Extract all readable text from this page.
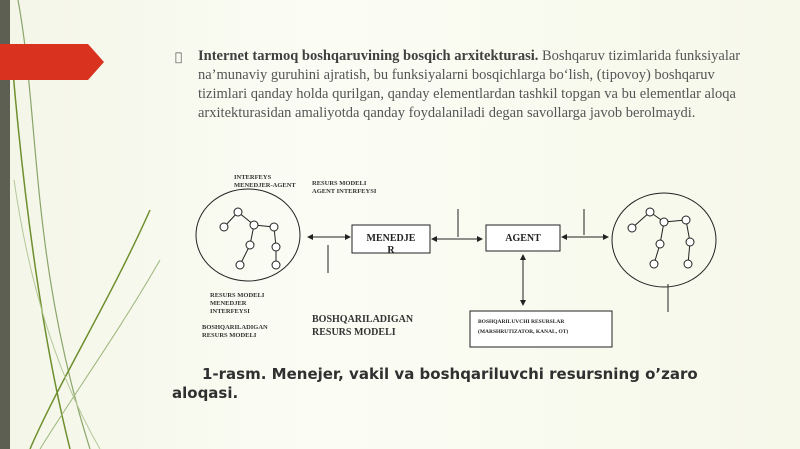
Internet tarmoq boshqaruvining bosqich arxitekturasi. Boshqaruv tizimlarida funksiyalar na’munaviy guruhini ajratish, bu funksiyalarni bosqichlarga bo‘lish, (tipovoy) boshqaruv tizimlari qanday holda qurilgan, qanday elementlardan tashkil topgan va bu elementlar aloqa arxitekturasidan amaliyotda qanday foydalaniladi degan savollarga javob berolmaydi.
INTERFEYS
MENEDJER-AGENT RESURS MODELI
AGENT INTERFEYSI
MENEDJE
R
AGENT
BOSHQARILUVCHI RESURSLAR
(MARSHRUTIZATOR, KANAL, OT)
RESURS MODELI
MENEDJER
INTERFEYSI
BOSHQARILADIGAN
RESURS MODELI
BOSHQARILADIGAN
RESURS MODELI
1-rasm. Menejer, vakil va boshqariluvchi resursning o’zaro aloqasi.
